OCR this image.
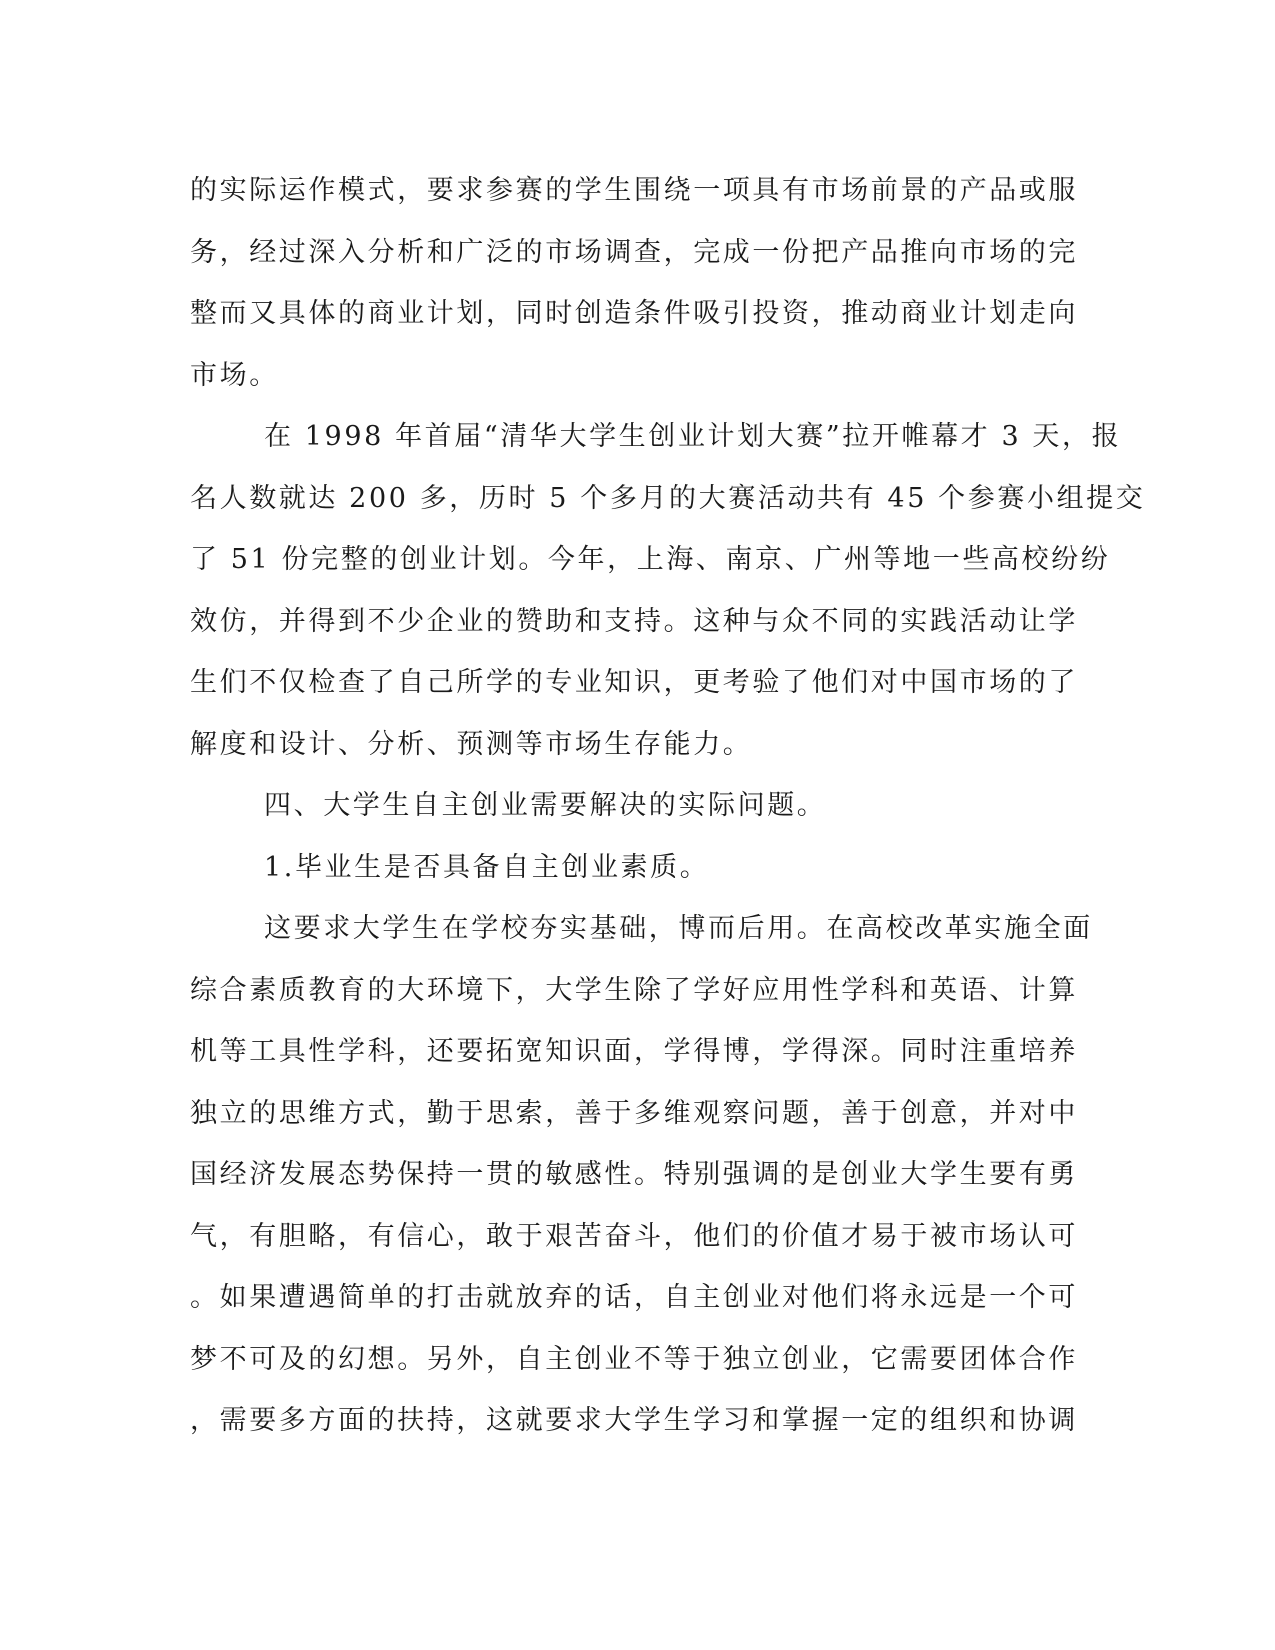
的实际运作模式，要求参赛的学生围绕一项具有市场前景的产品或服
务，经过深入分析和广泛的市场调查，完成一份把产品推向市场的完
整而又具体的商业计划，同时创造条件吸引投资，推动商业计划走向
市场。
在 1998 年首届“清华大学生创业计划大赛”拉开帷幕才 3 天，报
名人数就达 200 多，历时 5 个多月的大赛活动共有 45 个参赛小组提交
了 51 份完整的创业计划。今年，上海、南京、广州等地一些高校纷纷
效仿，并得到不少企业的赞助和支持。这种与众不同的实践活动让学
生们不仅检查了自己所学的专业知识，更考验了他们对中国市场的了
解度和设计、分析、预测等市场生存能力。
四、大学生自主创业需要解决的实际问题。
1.毕业生是否具备自主创业素质。
这要求大学生在学校夯实基础，博而后用。在高校改革实施全面
综合素质教育的大环境下，大学生除了学好应用性学科和英语、计算
机等工具性学科，还要拓宽知识面，学得博，学得深。同时注重培养
独立的思维方式，勤于思索，善于多维观察问题，善于创意，并对中
国经济发展态势保持一贯的敏感性。特别强调的是创业大学生要有勇
气，有胆略，有信心，敢于艰苦奋斗，他们的价值才易于被市场认可
。如果遭遇简单的打击就放弃的话，自主创业对他们将永远是一个可
梦不可及的幻想。另外，自主创业不等于独立创业，它需要团体合作
，需要多方面的扶持，这就要求大学生学习和掌握一定的组织和协调
